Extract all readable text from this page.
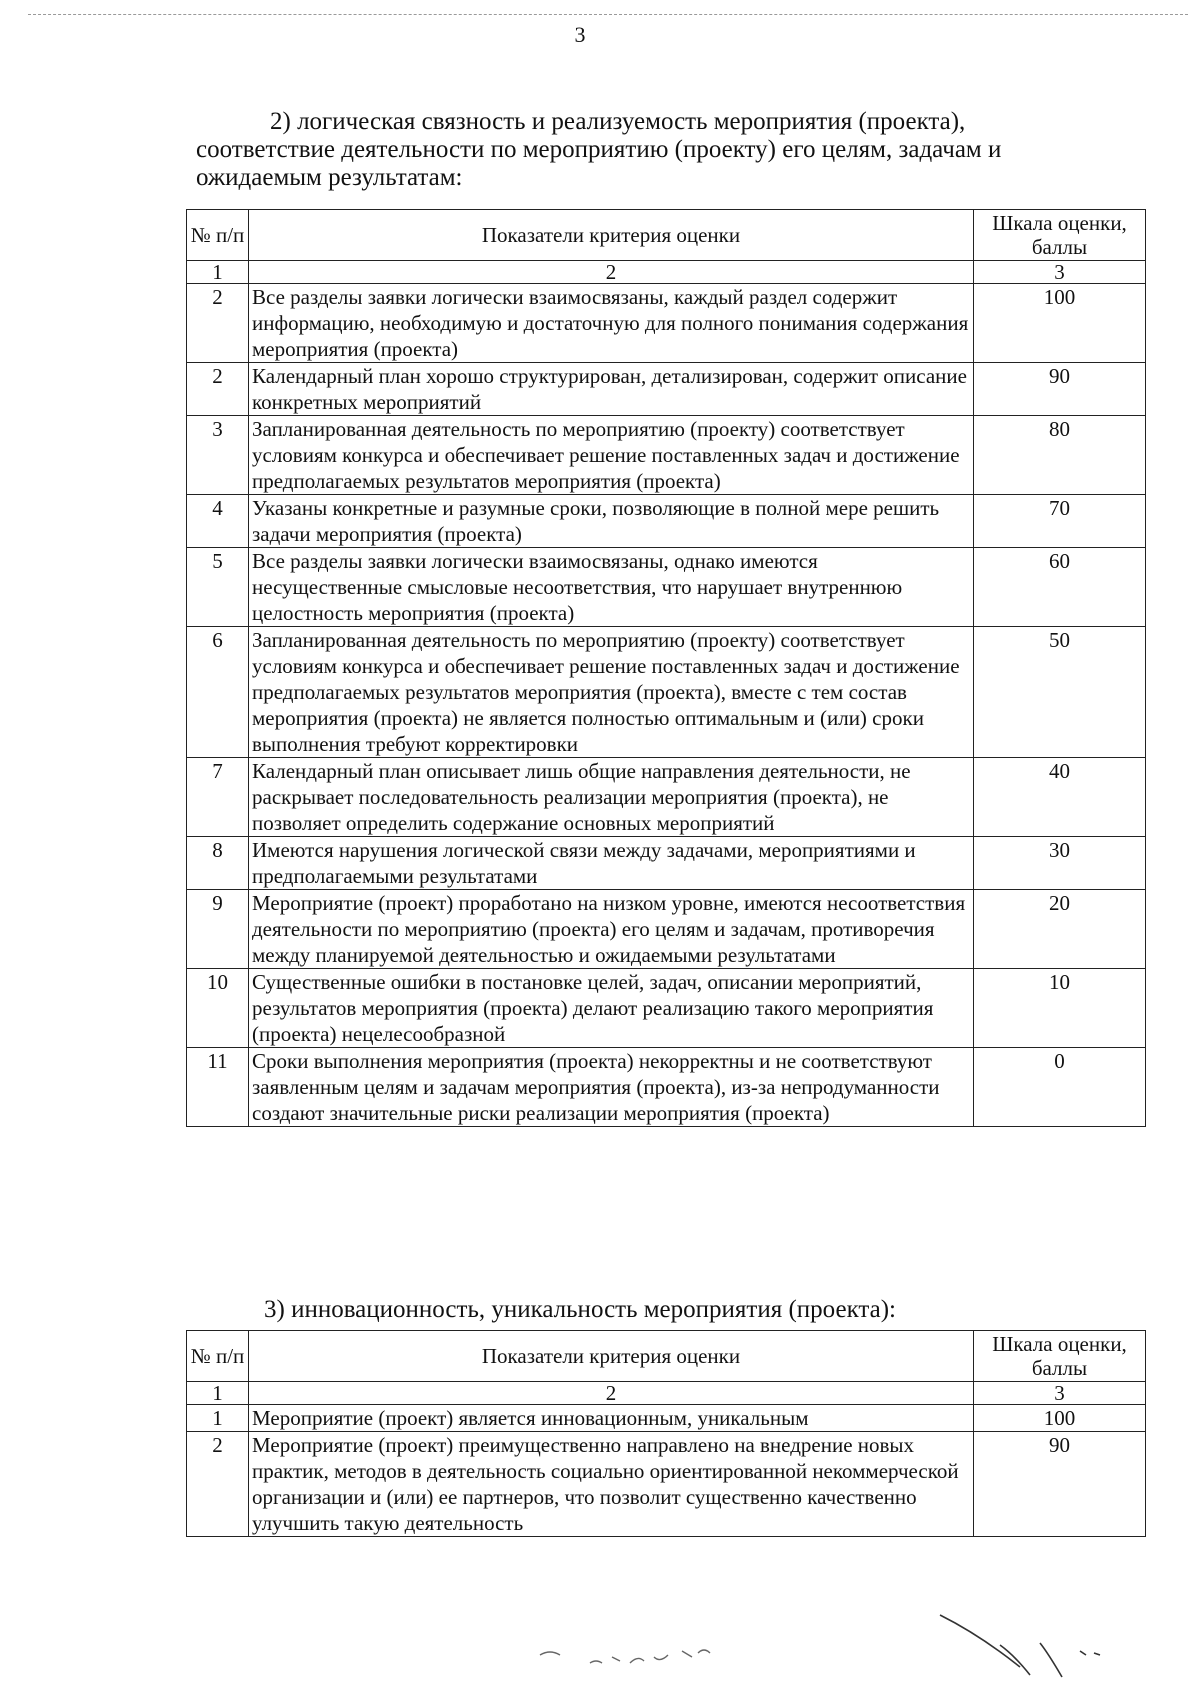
3

2) логическая связность и реализуемость мероприятия (проекта),

соответствие деятельности по мероприятию (проекту) его целям, задачам и

ожидаемым результатам:

№ п/п	Показатели критерия оценки	Шкала оценки, баллы
1	2	3
2	Все разделы заявки логически взаимосвязаны, каждый раздел содержит информацию, необходимую и достаточную для полного понимания содержания мероприятия (проекта)	100
2	Календарный план хорошо структурирован, детализирован, содержит описание конкретных мероприятий	90
3	Запланированная деятельность по мероприятию (проекту) соответствует условиям конкурса и обеспечивает решение поставленных задач и достижение предполагаемых результатов мероприятия (проекта)	80
4	Указаны конкретные и разумные сроки, позволяющие в полной мере решить задачи мероприятия (проекта)	70
5	Все разделы заявки логически взаимосвязаны, однако имеются несущественные смысловые несоответствия, что нарушает внутреннюю целостность мероприятия (проекта)	60
6	Запланированная деятельность по мероприятию (проекту) соответствует условиям конкурса и обеспечивает решение поставленных задач и достижение предполагаемых результатов мероприятия (проекта), вместе с тем состав мероприятия (проекта) не является полностью оптимальным и (или) сроки выполнения требуют корректировки	50
7	Календарный план описывает лишь общие направления деятельности, не раскрывает последовательность реализации мероприятия (проекта), не позволяет определить содержание основных мероприятий	40
8	Имеются нарушения логической связи между задачами, мероприятиями и предполагаемыми результатами	30
9	Мероприятие (проект) проработано на низком уровне, имеются несоответствия деятельности по мероприятию (проекта) его целям и задачам, противоречия между планируемой деятельностью и ожидаемыми результатами	20
10	Существенные ошибки в постановке целей, задач, описании мероприятий, результатов мероприятия (проекта) делают реализацию такого мероприятия (проекта) нецелесообразной	10
11	Сроки выполнения мероприятия (проекта) некорректны и не соответствуют заявленным целям и задачам мероприятия (проекта), из-за непродуманности создают значительные риски реализации мероприятия (проекта)	0
3) инновационность, уникальность мероприятия (проекта):
№ п/п	Показатели критерия оценки	Шкала оценки, баллы
1	2	3
1	Мероприятие (проект) является инновационным, уникальным	100
2	Мероприятие (проект) преимущественно направлено на внедрение новых практик, методов в деятельность социально ориентированной некоммерческой организации и (или) ее партнеров, что позволит существенно качественно улучшить такую деятельность	90
